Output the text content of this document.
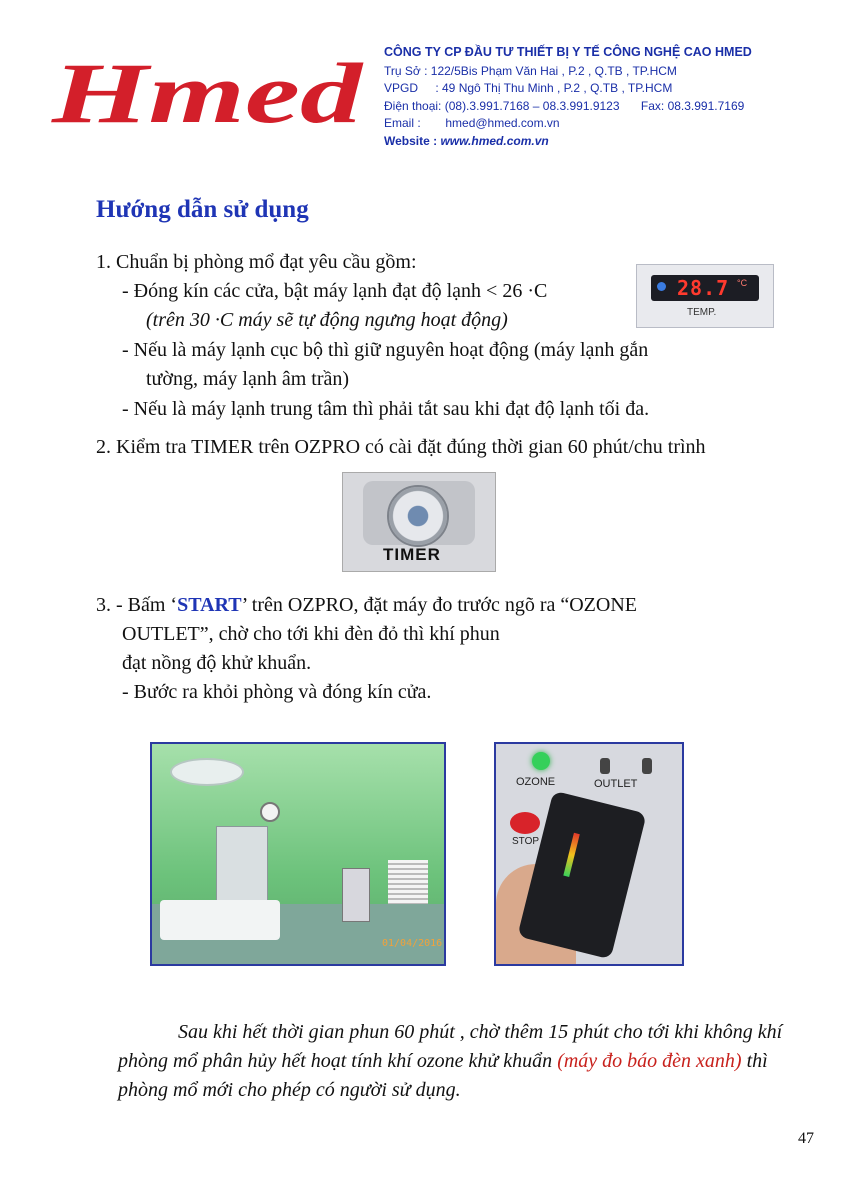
Hmed CÔNG TY CP ĐẦU TƯ THIẾT BỊ Y TẾ CÔNG NGHỆ CAO HMED
Trụ Sở : 122/5Bis Phạm Văn Hai , P.2 , Q.TB , TP.HCM
VPGD : 49 Ngô Thị Thu Minh , P.2 , Q.TB , TP.HCM
Điện thoại: (08).3.991.7168 – 08.3.991.9123 Fax: 08.3.991.7169
Email : hmed@hmed.com.vn
Website : www.hmed.com.vn
Hướng dẫn sử dụng
1. Chuẩn bị phòng mổ đạt yêu cầu gồm:
- Đóng kín các cửa, bật máy lạnh đạt độ lạnh < 26 ·C
(trên 30 ·C máy sẽ tự động ngưng hoạt động)
- Nếu là máy lạnh cục bộ thì giữ nguyên hoạt động (máy lạnh gắn
tường, máy lạnh âm trần)
- Nếu là máy lạnh trung tâm thì phải tắt sau khi đạt độ lạnh tối đa.
28.7 °C
TEMP.
2. Kiểm tra TIMER trên OZPRO có cài đặt đúng thời gian 60 phút/chu trình
TIMER
3. - Bấm ‘START’ trên OZPRO, đặt máy đo trước ngõ ra “OZONE
OUTLET”, chờ cho tới khi đèn đỏ thì khí phun
đạt nồng độ khử khuẩn.
- Bước ra khỏi phòng và đóng kín cửa.
01/04/2016
OZONE	OUTLET
STOP
Sau khi hết thời gian phun 60 phút , chờ thêm 15 phút cho tới khi không khí phòng mổ phân hủy hết hoạt tính khí ozone khử khuẩn (máy đo báo đèn xanh) thì phòng mổ mới cho phép có người sử dụng.
47
